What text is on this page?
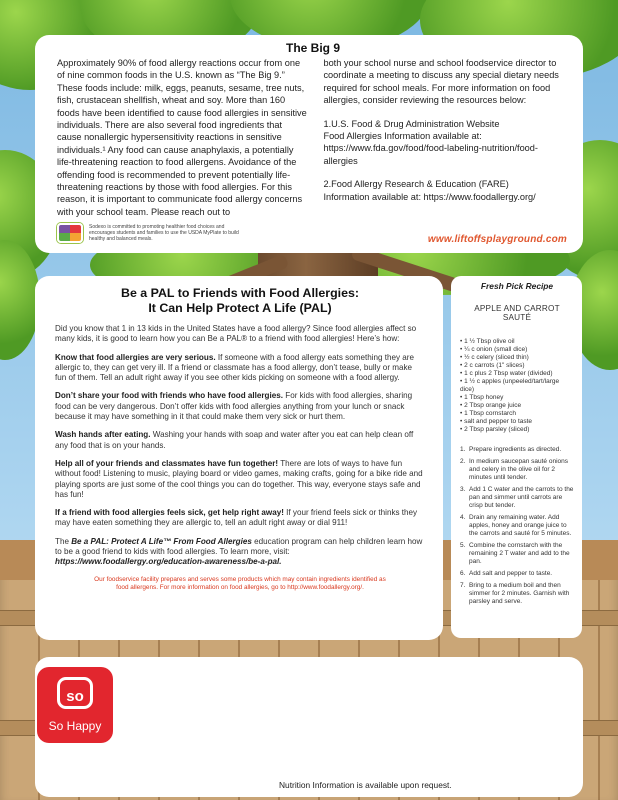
The Big 9

Approximately 90% of food allergy reactions occur from one of nine common foods in the U.S. known as “The Big 9.” These foods include: milk, eggs, peanuts, sesame, tree nuts, fish, crustacean shellfish, wheat and soy. More than 160 foods have been identified to cause food allergies in sensitive individuals. There are also several food ingredients that cause nonallergic hypersensitivity reactions in sensitive individuals.¹ Any food can cause anaphylaxis, a potentially life-threatening reaction to food allergens. Avoidance of the offending food is recommended to prevent potentially life-threatening reactions by those with food allergies. For this reason, it is important to communicate food allergy concerns with your school team. Please reach out to

both your school nurse and school foodservice director to coordinate a meeting to discuss any special dietary needs required for school meals. For more information on food allergies, consider reviewing the resources below:

1.U.S. Food & Drug Administration Website
Food Allergies Information available at:
https://www.fda.gov/food/food-labeling-nutrition/food-allergies

2.Food Allergy Research & Education (FARE)
Information available at: https://www.foodallergy.org/

Sodexo is committed to promoting healthier food choices and encourages students and families to use the USDA MyPlate to build healthy and balanced meals.	www.liftoffsplayground.com
Be a PAL to Friends with Food Allergies:
It Can Help Protect A Life (PAL)

Did you know that 1 in 13 kids in the United States have a food allergy? Since food allergies affect so many kids, it is good to learn how you can Be a PAL® to a friend with food allergies! Here’s how:

Know that food allergies are very serious. If someone with a food allergy eats something they are allergic to, they can get very ill. If a friend or classmate has a food allergy, don’t tease, bully or make fun of them. Tell an adult right away if you see other kids picking on someone with a food allergy.

Don’t share your food with friends who have food allergies. For kids with food allergies, sharing food can be very dangerous. Don’t offer kids with food allergies anything from your lunch or snack because it may have something in it that could make them very sick or hurt them.

Wash hands after eating. Washing your hands with soap and water after you eat can help clean off any food that is on your hands.

Help all of your friends and classmates have fun together! There are lots of ways to have fun without food! Listening to music, playing board or video games, making crafts, going for a bike ride and playing sports are just some of the cool things you can do together. This way, everyone stays safe and has fun!

If a friend with food allergies feels sick, get help right away! If your friend feels sick or thinks they may have eaten something they are allergic to, tell an adult right away or dial 911!

The Be a PAL: Protect A Life™ From Food Allergies education program can help children learn how to be a good friend to kids with food allergies. To learn more, visit: https://www.foodallergy.org/education-awareness/be-a-pal.

Our foodservice facility prepares and serves some products which may contain ingredients identified as
food allergens. For more information on food allergies, go to http://www.foodallergy.org/.
Fresh Pick Recipe
APPLE AND CARROT SAUTÉ
• 1 ½ Tbsp olive oil
• ¼ c onion (small dice)
• ½ c celery (sliced thin)
• 2 c carrots (1" slices)
• 1 c plus 2 Tbsp water (divided)
• 1 ½ c apples (unpeeled/tart/large dice)
• 1 Tbsp honey
• 2 Tbsp orange juice
• 1 Tbsp cornstarch
• salt and pepper to taste
• 2 Tbsp parsley (sliced)
1. Prepare ingredients as directed.
2. In medium saucepan sauté onions and celery in the olive oil for 2 minutes until tender.
3. Add 1 C water and the carrots to the pan and simmer until carrots are crisp but tender.
4. Drain any remaining water. Add apples, honey and orange juice to the carrots and sauté for 5 minutes.
5. Combine the cornstarch with the remaining 2 T water and add to the pan.
6. Add salt and pepper to taste.
7. Bring to a medium boil and then simmer for 2 minutes. Garnish with parsley and serve.
so
So Happy
Nutrition Information is available upon request.
